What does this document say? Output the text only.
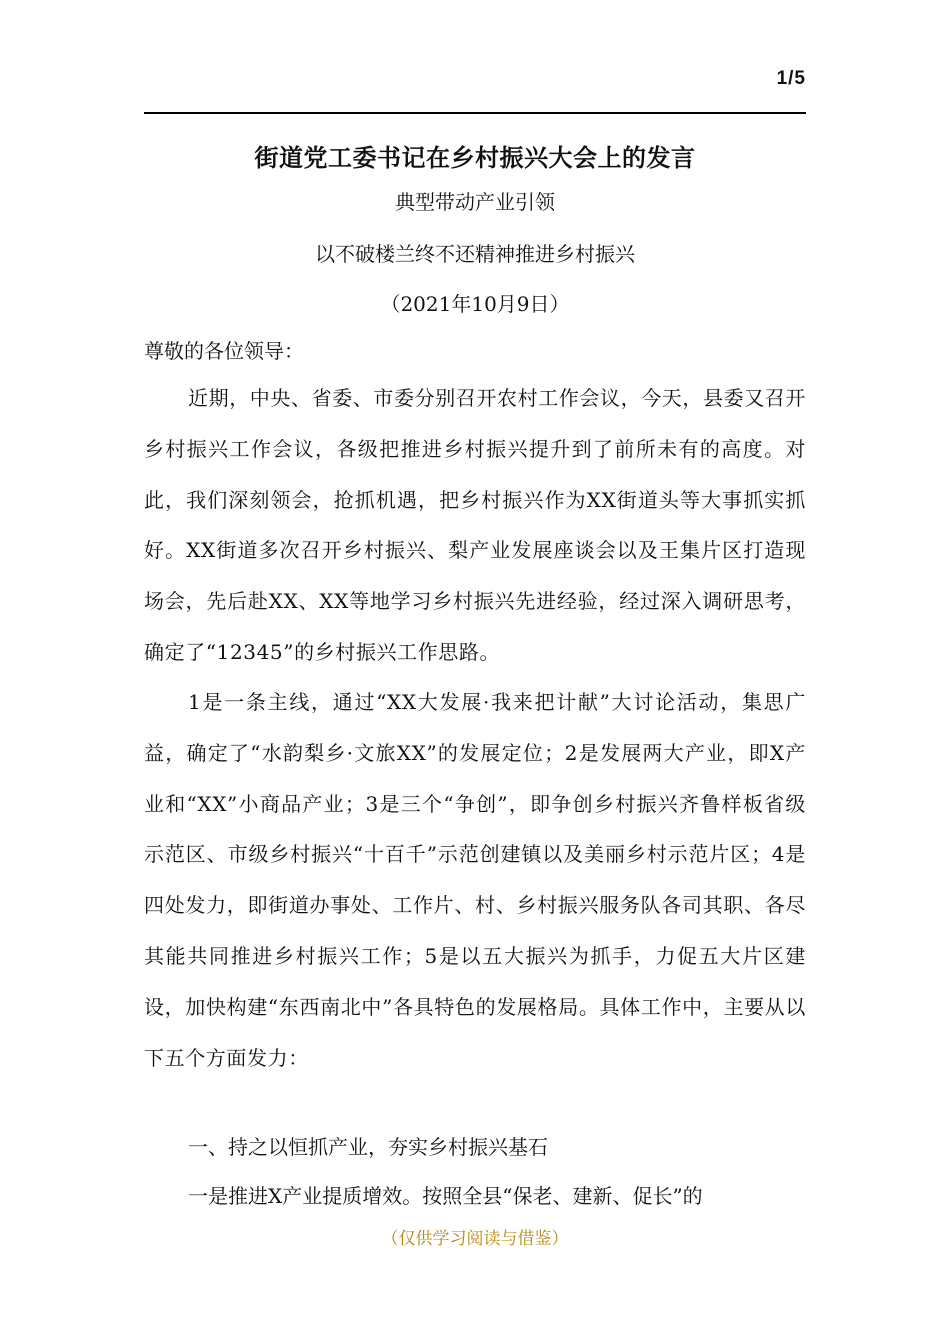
1/5
街道党工委书记在乡村振兴大会上的发言
典型带动产业引领
以不破楼兰终不还精神推进乡村振兴
（2021年10月9日）
尊敬的各位领导：

近期，中央、省委、市委分别召开农村工作会议，今天，县委又召开乡村振兴工作会议，各级把推进乡村振兴提升到了前所未有的高度。对此，我们深刻领会，抢抓机遇，把乡村振兴作为XX街道头等大事抓实抓好。XX街道多次召开乡村振兴、梨产业发展座谈会以及王集片区打造现场会，先后赴XX、XX等地学习乡村振兴先进经验，经过深入调研思考，确定了“12345”的乡村振兴工作思路。

1是一条主线，通过“XX大发展·我来把计献”大讨论活动，集思广益，确定了“水韵梨乡·文旅XX”的发展定位；2是发展两大产业，即X产业和“XX”小商品产业；3是三个“争创”，即争创乡村振兴齐鲁样板省级示范区、市级乡村振兴“十百千”示范创建镇以及美丽乡村示范片区；4是四处发力，即街道办事处、工作片、村、乡村振兴服务队各司其职、各尽其能共同推进乡村振兴工作；5是以五大振兴为抓手，力促五大片区建设，加快构建“东西南北中”各具特色的发展格局。具体工作中，主要从以下五个方面发力：

一、持之以恒抓产业，夯实乡村振兴基石
一是推进X产业提质增效。按照全县“保老、建新、促长”的
（仅供学习阅读与借鉴）
